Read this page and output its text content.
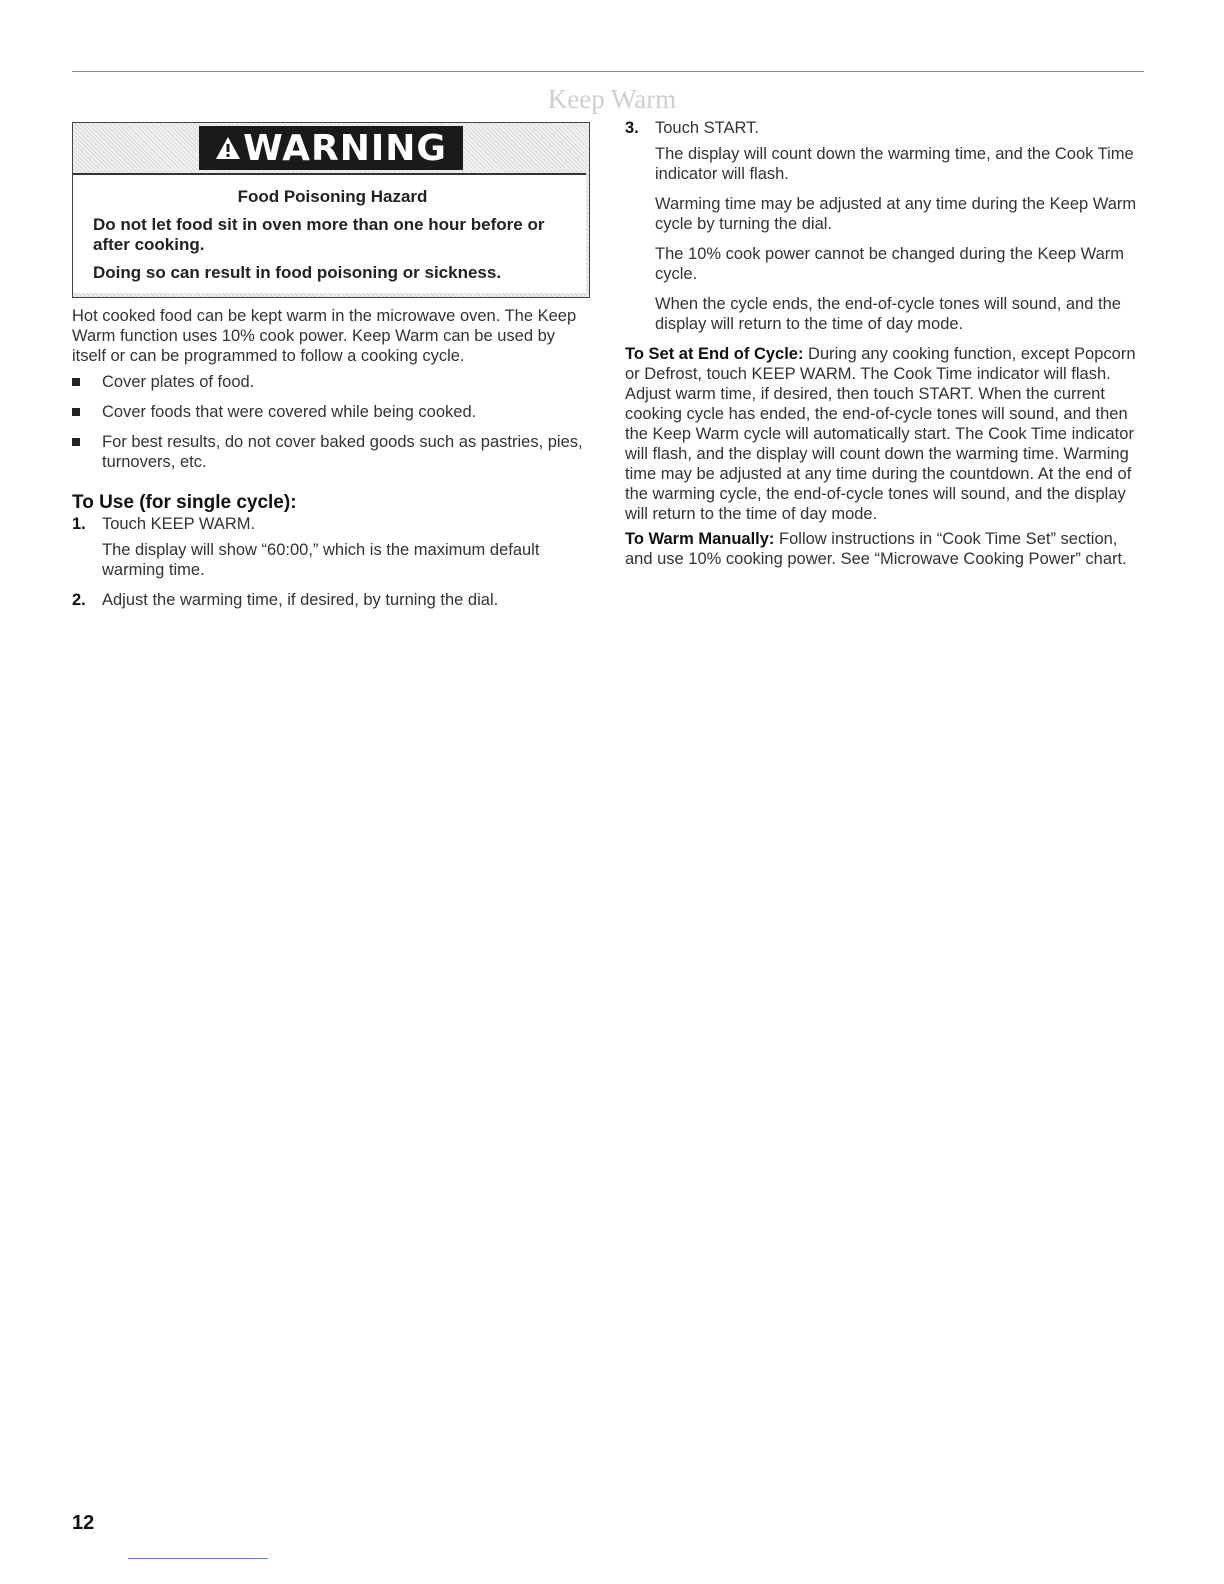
Keep Warm
WARNING

Food Poisoning Hazard

Do not let food sit in oven more than one hour before or after cooking.

Doing so can result in food poisoning or sickness.

Hot cooked food can be kept warm in the microwave oven. The Keep Warm function uses 10% cook power. Keep Warm can be used by itself or can be programmed to follow a cooking cycle.

Cover plates of food.
Cover foods that were covered while being cooked.
For best results, do not cover baked goods such as pastries, pies, turnovers, etc.
To Use (for single cycle):
1. Touch KEEP WARM.

The display will show “60:00,” which is the maximum default warming time.

2. Adjust the warming time, if desired, by turning the dial.
3. Touch START.

The display will count down the warming time, and the Cook Time indicator will flash.

Warming time may be adjusted at any time during the Keep Warm cycle by turning the dial.

The 10% cook power cannot be changed during the Keep Warm cycle.

When the cycle ends, the end-of-cycle tones will sound, and the display will return to the time of day mode.

To Set at End of Cycle: During any cooking function, except Popcorn or Defrost, touch KEEP WARM. The Cook Time indicator will flash. Adjust warm time, if desired, then touch START. When the current cooking cycle has ended, the end-of-cycle tones will sound, and then the Keep Warm cycle will automatically start. The Cook Time indicator will flash, and the display will count down the warming time. Warming time may be adjusted at any time during the countdown. At the end of the warming cycle, the end-of-cycle tones will sound, and the display will return to the time of day mode.

To Warm Manually: Follow instructions in “Cook Time Set” section, and use 10% cooking power. See “Microwave Cooking Power” chart.

12
